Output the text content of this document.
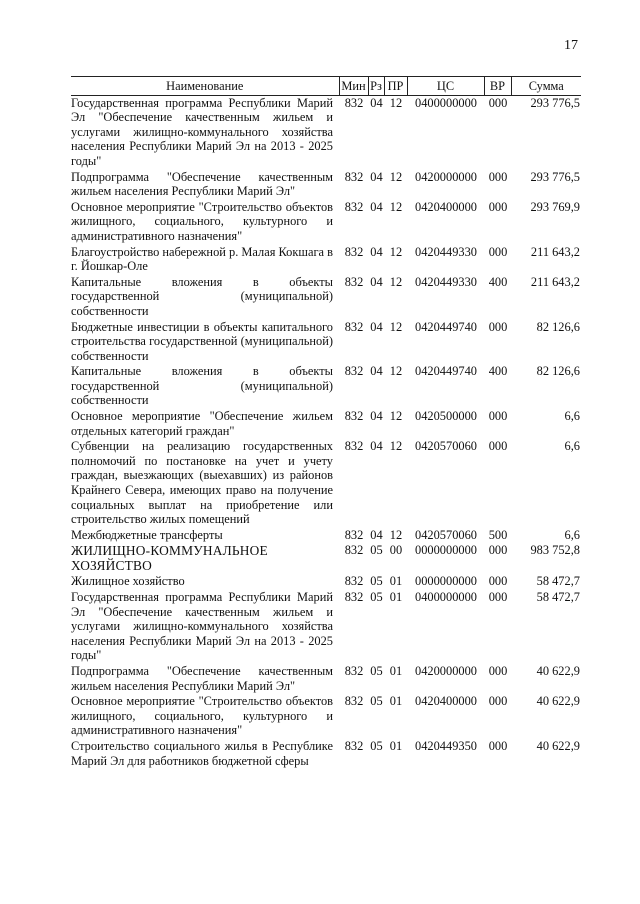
17
Наименование	Мин	Рз	ПР	ЦС	ВР	Сумма
Государственная программа Республики Марий Эл "Обеспечение качественным жильем и услугами жилищно-коммунального хозяйства населения Республики Марий Эл на 2013 - 2025 годы"	832	04	12	0400000000	000	293 776,5
Подпрограмма "Обеспечение качественным жильем населения Республики Марий Эл"	832	04	12	0420000000	000	293 776,5
Основное мероприятие "Строительство объектов жилищного, социального, культурного и административного назначения"	832	04	12	0420400000	000	293 769,9
Благоустройство набережной р. Малая Кокшага в г. Йошкар-Оле	832	04	12	0420449330	000	211 643,2
Капитальные вложения в объекты государственной (муниципальной) собственности	832	04	12	0420449330	400	211 643,2
Бюджетные инвестиции в объекты капитального строительства государственной (муниципальной) собственности	832	04	12	0420449740	000	82 126,6
Капитальные вложения в объекты государственной (муниципальной) собственности	832	04	12	0420449740	400	82 126,6
Основное мероприятие "Обеспечение жильем отдельных категорий граждан"	832	04	12	0420500000	000	6,6
Субвенции на реализацию государственных полномочий по постановке на учет и учету граждан, выезжающих (выехавших) из районов Крайнего Севера, имеющих право на получение социальных выплат на приобретение или строительство жилых помещений	832	04	12	0420570060	000	6,6
Межбюджетные трансферты	832	04	12	0420570060	500	6,6
ЖИЛИЩНО-КОММУНАЛЬНОЕ ХОЗЯЙСТВО	832	05	00	0000000000	000	983 752,8
Жилищное хозяйство	832	05	01	0000000000	000	58 472,7
Государственная программа Республики Марий Эл "Обеспечение качественным жильем и услугами жилищно-коммунального хозяйства населения Республики Марий Эл на 2013 - 2025 годы"	832	05	01	0400000000	000	58 472,7
Подпрограмма "Обеспечение качественным жильем населения Республики Марий Эл"	832	05	01	0420000000	000	40 622,9
Основное мероприятие "Строительство объектов жилищного, социального, культурного и административного назначения"	832	05	01	0420400000	000	40 622,9
Строительство социального жилья в Республике Марий Эл для работников бюджетной сферы	832	05	01	0420449350	000	40 622,9
